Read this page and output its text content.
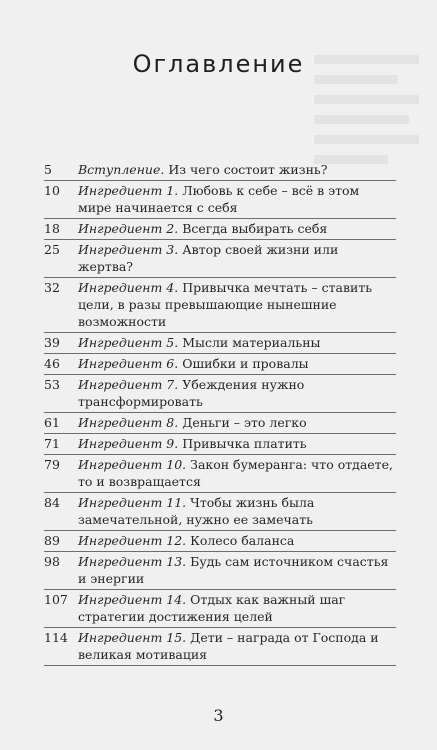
Оглавление
5	Вступление. Из чего состоит жизнь?
10	Ингредиент 1. Любовь к себе – всё в этом мире начинается с себя
18	Ингредиент 2. Всегда выбирать себя
25	Ингредиент 3. Автор своей жизни или жертва?
32	Ингредиент 4. Привычка мечтать – ставить цели, в разы превышающие нынешние возможности
39	Ингредиент 5. Мысли материальны
46	Ингредиент 6. Ошибки и провалы
53	Ингредиент 7. Убеждения нужно трансформировать
61	Ингредиент 8. Деньги – это легко
71	Ингредиент 9. Привычка платить
79	Ингредиент 10. Закон бумеранга: что отдаете, то и возвращается
84	Ингредиент 11. Чтобы жизнь была замечательной, нужно ее замечать
89	Ингредиент 12. Колесо баланса
98	Ингредиент 13. Будь сам источником счастья и энергии
107 Ингредиент 14. Отдых как важный шаг стратегии достижения целей
114 Ингредиент 15. Дети – награда от Господа и великая мотивация
3
